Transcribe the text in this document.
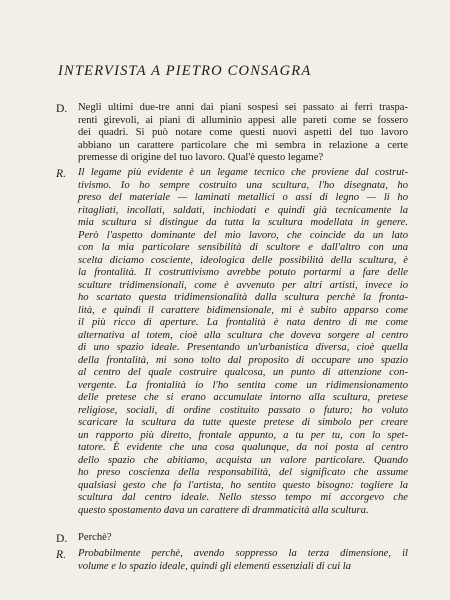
INTERVISTA A PIETRO CONSAGRA
D. Negli ultimi due-tre anni dai piani sospesi sei passato ai ferri traspa-
renti girevoli, ai piani di alluminio appesi alle pareti come se fossero
dei quadri. Si può notare come questi nuovi aspetti del tuo lavoro
abbiano un carattere particolare che mi sembra in relazione a certe
premesse di origine del tuo lavoro. Qual'è questo legame?
R. Il legame più evidente è un legame tecnico che proviene dal costrut-
tivismo. Io ho sempre costruito una scultura, l'ho disegnata, ho
preso del materiale — laminati metallici o assi di legno — li ho
ritagliati, incollati, saldati, inchiodati e quindi già tecnicamente la
mia scultura si distingue da tutta la scultura modellata in genere.
Però l'aspetto dominante del mio lavoro, che coincide da un lato
con la mia particolare sensibilità di scultore e dall'altro con una
scelta diciamo cosciente, ideologica delle possibilità della scultura, è
la frontalità. Il costruttivismo avrebbe potuto portarmi a fare delle
sculture tridimensionali, come è avvenuto per altri artisti, invece io
ho scartato questa tridimensionalità dalla scultura perchè la fronta-
lità, e quindi il carattere bidimensionale, mi è subito apparso come
il più ricco di aperture. La frontalità è nata dentro di me come
alternativa al totem, cioè alla scultura che doveva sorgere al centro
di uno spazio ideale. Presentando un'urbanistica diversa, cioè quella
della frontalità, mi sono tolto dal proposito di occupare uno spazio
al centro del quale costruire qualcosa, un punto di attenzione con-
vergente. La frontalità io l'ho sentita come un ridimensionamento
delle pretese che si erano accumulate intorno alla scultura, pretese
religiose, sociali, di ordine costituito passato o futuro; ho voluto
scaricare la scultura da tutte queste pretese di simbolo per creare
un rapporto più diretto, frontale appunto, a tu per tu, con lo spet-
tatore. È evidente che una cosa qualunque, da noi posta al centro
dello spazio che abitiamo, acquista un valore particolare. Quando
ho preso coscienza della responsabilità, del significato che assume
qualsiasi gesto che fa l'artista, ho sentito questo bisogno: togliere la
scultura dal centro ideale. Nello stesso tempo mi accorgevo che
questo spostamento dava un carattere di drammaticità alla scultura.
D. Perchè?
R. Probabilmente perchè, avendo soppresso la terza dimensione, il
volume e lo spazio ideale, quindi gli elementi essenziali di cui la
